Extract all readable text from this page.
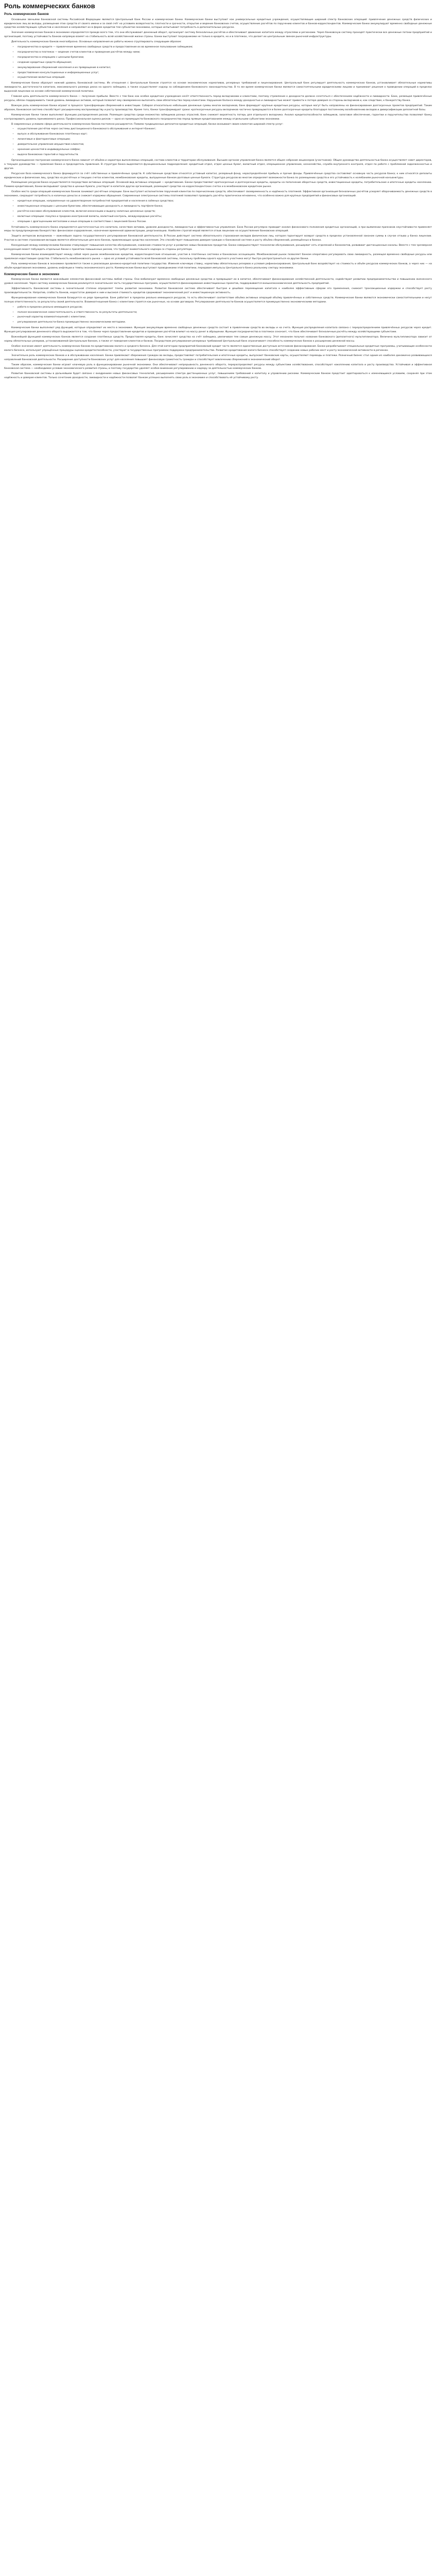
Роль коммерческих банков
Роль коммерческих банков

Основными звеньями банковской системы Российской Федерации являются Центральный банк России и коммерческие банки. Коммерческие банки выступают как универсальные кредитные учреждения, осуществляющие широкий спектр банковских операций: привлечение денежных средств физических и юридических лиц во вклады, размещение этих средств от своего имени и за свой счёт на условиях возвратности, платности и срочности, открытие и ведение банковских счетов, осуществление расчётов по поручению клиентов и банков-корреспондентов. Коммерческие банки аккумулируют временно свободные денежные средства хозяйствующих субъектов и населения и направляют их в форме кредитов тем субъектам экономики, которые испытывают потребность в дополнительных ресурсах.

Значение коммерческих банков в экономике определяется прежде всего тем, что они обслуживают денежный оборот, организуют систему безналичных расчётов и обеспечивают движение капитала между отраслями и регионами. Через банковскую систему проходят практически все денежные потоки предприятий и организаций, поэтому устойчивость банков напрямую влияет на стабильность всей хозяйственной жизни страны. Банки выступают посредниками не только в кредите, но и в платежах, что делает их центральным звеном рыночной инфраструктуры.

Деятельность коммерческих банков многообразна. Основные направления их работы можно сгруппировать следующим образом:

• посредничество в кредите — привлечение временно свободных средств и предоставление их во временное пользование заёмщикам;
• посредничество в платежах — ведение счетов клиентов и проведение расчётов между ними;
• посредничество в операциях с ценными бумагами;
• создание кредитных средств обращения;
• аккумулирование сбережений населения и их превращение в капитал;
• предоставление консультационных и информационных услуг;
• осуществление валютных операций.

Коммерческие банки образуют нижний уровень банковской системы. Их отношения с Центральным банком строятся на основе экономических нормативов, резервных требований и лицензирования. Центральный банк регулирует деятельность коммерческих банков, устанавливает обязательные нормативы ликвидности, достаточности капитала, максимального размера риска на одного заёмщика, а также осуществляет надзор за соблюдением банковского законодательства. В то же время коммерческие банки являются самостоятельными юридическими лицами и принимают решения о проведении операций в пределах выданной лицензии на основе собственной коммерческой политики.

Главная цель деятельности коммерческого банка — получение прибыли. Вместе с тем банк как особое кредитное учреждение несёт ответственность перед вкладчиками и клиентами, поэтому стремление к доходности должно сочетаться с обеспечением надёжности и ликвидности. Банк, размещая привлечённые ресурсы, обязан поддерживать такой уровень ликвидных активов, который позволит ему своевременно выполнять свои обязательства перед клиентами. Нарушение баланса между доходностью и ликвидностью может привести к потере доверия со стороны вкладчиков и, как следствие, к банкротству банка.

Важную роль коммерческие банки играют в процессе трансформации сбережений в инвестиции. Собирая относительно небольшие денежные суммы многих вкладчиков, банк формирует крупные кредитные ресурсы, которые могут быть направлены на финансирование долгосрочных проектов предприятий. Таким образом, банковская система способствует расширенному воспроизводству и росту производства. Кроме того, банки трансформируют сроки: краткосрочные ресурсы вкладчиков частично превращаются в более долгосрочные кредиты благодаря постоянному возобновлению вкладов и диверсификации депозитной базы.

Коммерческие банки также выполняют функцию распределения рисков. Размещая средства среди множества заёмщиков разных отраслей, банк снижает вероятность потерь для отдельного вкладчика. Анализ кредитоспособности заёмщиков, залоговое обеспечение, гарантии и поручительства позволяют банку контролировать уровень принимаемого риска. Профессиональная оценка рисков — одно из преимуществ банковского посредничества перед прямым кредитованием между отдельными субъектами экономики.

В современных условиях сфера деятельности коммерческих банков постоянно расширяется. Помимо традиционных депозитно-кредитных операций, банки оказывают своим клиентам широкий спектр услуг:

• осуществление расчётов через системы дистанционного банковского обслуживания и интернет-банкинг;
• выпуск и обслуживание банковских платёжных карт;
• лизинговые и факторинговые операции;
• доверительное управление имуществом клиентов;
• хранение ценностей в индивидуальных сейфах;
• выдача банковских гарантий и поручительств.

Организационное построение коммерческого банка зависит от объёма и характера выполняемых операций, состава клиентов и территории обслуживания. Высшим органом управления банка является общее собрание акционеров (участников). Общее руководство деятельностью банка осуществляет совет директоров, а текущее руководство — правление банка и председатель правления. В структуре банка выделяются функциональные подразделения: кредитный отдел, отдел ценных бумаг, валютный отдел, операционное управление, казначейство, служба внутреннего контроля, отдел по работе с проблемной задолженностью и другие.

Ресурсная база коммерческого банка формируется за счёт собственных и привлечённых средств. К собственным средствам относятся уставный капитал, резервный фонд, нераспределённая прибыль и прочие фонды. Привлечённые средства составляют основную часть ресурсов банка; к ним относятся депозиты юридических и физических лиц, средства на расчётных и текущих счетах клиентов, межбанковские кредиты, выпущенные банком долговые ценные бумаги. Структура ресурсов во многом определяет возможности банка по размещению средств и его устойчивость к колебаниям рыночной конъюнктуры.

Размещение ресурсов банка осуществляется посредством активных операций. Основной вид активных операций — кредитование. Банки предоставляют краткосрочные и долгосрочные кредиты, кредиты на пополнение оборотных средств, инвестиционные кредиты, потребительские и ипотечные кредиты населению. Помимо кредитования, банки вкладывают средства в ценные бумаги, участвуют в капитале других организаций, размещают средства на корреспондентских счетах и в межбанковском кредитном рынке.

Особое место среди операций коммерческих банков занимают расчётные операции. Банк выступает исполнителем поручений клиентов по перечислению средств, обеспечивает своевременность и надёжность платежей. Эффективная организация безналичных расчётов ускоряет оборачиваемость денежных средств в экономике, сокращает потребность в наличных деньгах и снижает издержки обращения. Современные электронные системы платежей позволяют проводить расчёты практически мгновенно, что особенно важно для крупных предприятий и финансовых организаций.

• кредитные операции, направленные на удовлетворение потребностей предприятий и населения в заёмных средствах;
• инвестиционные операции с ценными бумагами, обеспечивающие доходность и ликвидность портфеля банка;
• расчётно-кассовое обслуживание клиентов, включая инкассацию и выдачу наличных денежных средств;
• валютные операции: покупка и продажа иностранной валюты, валютный контроль, международные расчёты;
• операции с драгоценными металлами и иные операции в соответствии с лицензией Банка России.

Устойчивость коммерческого банка определяется достаточностью его капитала, качеством активов, уровнем доходности, ликвидностью и эффективностью управления. Банк России регулярно проводит анализ финансового положения кредитных организаций, а при выявлении признаков неустойчивости применяет меры по предупреждению банкротства: финансовое оздоровление, назначение временной администрации, реорганизацию. Наиболее строгой мерой является отзыв лицензии на осуществление банковских операций.

Защита интересов вкладчиков — важнейшая задача государственного регулирования банковской деятельности. В России действует система обязательного страхования вкладов физических лиц, которая гарантирует возврат средств в пределах установленной законом суммы в случае отзыва у банка лицензии. Участие в системе страхования вкладов является обязательным для всех банков, привлекающих средства населения. Это способствует повышению доверия граждан к банковской системе и росту объёма сбережений, размещённых в банках.

Конкуренция между коммерческими банками стимулирует повышение качества обслуживания, снижение стоимости услуг и развитие новых банковских продуктов. Банки совершенствуют технологии обслуживания, расширяют сеть отделений и банкоматов, развивают дистанционные каналы. Вместе с тем чрезмерная конкуренция может побуждать отдельные банки к принятию повышенных рисков, что требует внимательного надзора со стороны регулятора.

Коммерческие банки взаимодействуют между собой через рынок межбанковских кредитов, корреспондентские отношения, участие в платёжных системах и банковских ассоциациях. Межбанковский рынок позволяет банкам оперативно регулировать свою ликвидность, размещая временно свободные ресурсы или привлекая недостающие средства. Стабильность межбанковского рынка — одно из условий устойчивости всей банковской системы, поскольку проблемы одного крупного участника могут быстро распространиться на другие банки.

Роль коммерческих банков в экономике проявляется также в реализации денежно-кредитной политики государства. Изменяя ключевую ставку, нормативы обязательных резервов и условия рефинансирования, Центральный банк воздействует на стоимость и объём ресурсов коммерческих банков, а через них — на объём кредитования экономики, уровень инфляции и темпы экономического роста. Коммерческие банки выступают проводниками этой политики, передавая импульсы Центрального банка реальному сектору экономики.

Коммерческие банки в экономике

Коммерческие банки являются важнейшим элементом финансовой системы любой страны. Они мобилизуют временно свободные денежные средства и превращают их в капитал, обеспечивают финансирование хозяйственной деятельности, содействуют развитию предпринимательства и повышению жизненного уровня населения. Через систему коммерческих банков реализуется значительная часть государственных программ, осуществляется финансирование инвестиционных проектов, поддерживается внешнеэкономическая деятельность предприятий.

Эффективность банковской системы в значительной степени определяет темпы развития экономики. Развитая банковская система обеспечивает быстрое и дешёвое перемещение капитала к наиболее эффективным сферам его применения, снижает транзакционные издержки и способствует росту производительности. Напротив, слабость банков, недостаток доверия к ним и высокая стоимость кредитов сдерживают экономический рост и инвестиционную активность.

Функционирование коммерческих банков базируется на ряде принципов. Банк работает в пределах реально имеющихся ресурсов, то есть обеспечивает соответствие объёма активных операций объёму привлечённых и собственных средств. Коммерческие банки являются экономически самостоятельными и несут полную ответственность за результаты своей деятельности. Взаимоотношения банка с клиентами строятся как рыночные, на основе договоров. Регулирование деятельности банков осуществляется преимущественно экономическими методами.

• работа в пределах реально имеющихся ресурсов;
• полная экономическая самостоятельность и ответственность за результаты деятельности;
• рыночный характер взаимоотношений с клиентами;
• регулирование деятельности банка преимущественно экономическими методами.

Коммерческие банки выполняют ряд функций, которые определяют их место в экономике. Функция аккумуляции временно свободных денежных средств состоит в привлечении средств во вклады и на счета. Функция распределения капитала связана с перераспределением привлечённых ресурсов через кредит. Функция регулирования денежного оборота выражается в том, что банки через предоставление кредитов и проведение расчётов влияют на массу денег в обращении. Функция посредничества в платежах означает, что банк обеспечивает безналичные расчёты между хозяйствующими субъектами.

Важнейшей функцией коммерческих банков является создание платёжных средств. Предоставляя кредиты, банк зачисляет средства на счёт заёмщика, увеличивая тем самым денежную массу. Этот механизм получил название банковского (депозитного) мультипликатора. Величина мультипликатора зависит от нормы обязательных резервов, устанавливаемой Центральным банком, а также от поведения клиентов и банков. Посредством регулирования резервных требований Центральный банк ограничивает способность коммерческих банков к расширению денежной массы.

Особое значение имеет деятельность коммерческих банков по кредитованию малого и среднего бизнеса. Для этой категории предприятий банковский кредит часто является единственным доступным источником финансирования. Банки разрабатывают специальные кредитные программы, учитывающие особенности малого бизнеса, используют упрощённые процедуры оценки кредитоспособности, участвуют в государственных программах поддержки предпринимательства. Развитие кредитования малого бизнеса способствует созданию новых рабочих мест и росту экономической активности в регионах.

Значительна роль коммерческих банков и в обслуживании населения. Банки привлекают сбережения граждан во вклады, предоставляют потребительские и ипотечные кредиты, выпускают банковские карты, осуществляют переводы и платежи. Розничный бизнес стал одним из наиболее динамично развивающихся направлений банковской деятельности. Расширение доступности банковских услуг для населения повышает финансовую грамотность граждан и способствует вовлечению сбережений в экономический оборот.

Таким образом, коммерческие банки играют ключевую роль в функционировании рыночной экономики. Они обеспечивают непрерывность денежного оборота, перераспределяют ресурсы между субъектами хозяйствования, способствуют накоплению капитала и росту производства. Устойчивая и эффективная банковская система — необходимое условие экономического развития страны, и поэтому государство уделяет особое внимание регулированию и надзору за деятельностью коммерческих банков.

Развитие банковской системы в дальнейшем будет связано с внедрением новых финансовых технологий, расширением спектра дистанционных услуг, повышением требований к капиталу и управлению рисками. Коммерческим банкам предстоит адаптироваться к изменяющимся условиям, сохраняя при этом надёжность и доверие клиентов. Только сочетание доходности, ликвидности и надёжности позволит банкам успешно выполнять свою роль в экономике и способствовать её устойчивому росту.
